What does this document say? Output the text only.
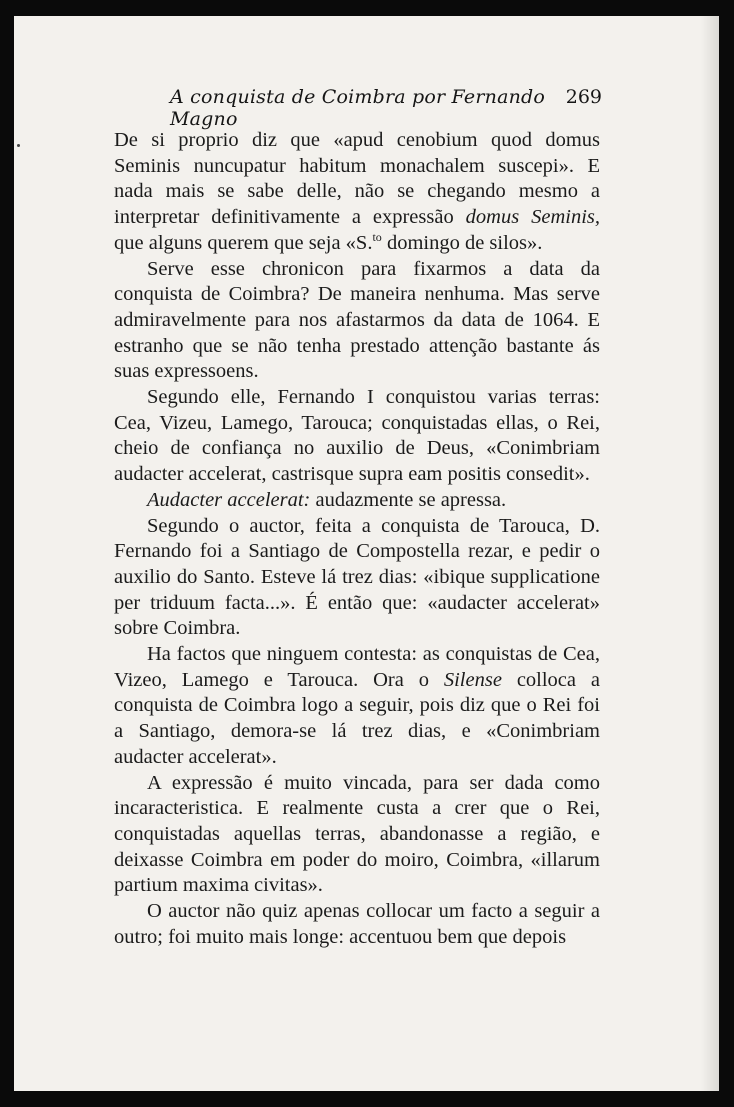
A conquista de Coimbra por Fernando Magno
269

De si proprio diz que «apud cenobium quod domus Seminis nuncupatur habitum monachalem suscepi». E nada mais se sabe delle, não se chegando mesmo a interpretar definitivamente a expressão domus Seminis, que alguns querem que seja «S.$^{to}$ domingo de silos».

Serve esse chronicon para fixarmos a data da conquista de Coimbra? De maneira nenhuma. Mas serve admiravelmente para nos afastarmos da data de 1064. E estranho que se não tenha prestado attenção bastante ás suas expressoens.

Segundo elle, Fernando I conquistou varias terras: Cea, Vizeu, Lamego, Tarouca; conquistadas ellas, o Rei, cheio de confiança no auxilio de Deus, «Conimbriam audacter accelerat, castrisque supra eam positis consedit».

Audacter accelerat: audazmente se apressa.

Segundo o auctor, feita a conquista de Tarouca, D. Fernando foi a Santiago de Compostella rezar, e pedir o auxilio do Santo. Esteve lá trez dias: «ibique supplicatione per triduum facta...». É então que: «audacter accelerat» sobre Coimbra.

Ha factos que ninguem contesta: as conquistas de Cea, Vizeo, Lamego e Tarouca. Ora o Silense colloca a conquista de Coimbra logo a seguir, pois diz que o Rei foi a Santiago, demora-se lá trez dias, e «Conimbriam audacter accelerat».

A expressão é muito vincada, para ser dada como incaracteristica. E realmente custa a crer que o Rei, conquistadas aquellas terras, abandonasse a região, e deixasse Coimbra em poder do moiro, Coimbra, «illarum partium maxima civitas».

O auctor não quiz apenas collocar um facto a seguir a outro; foi muito mais longe: accentuou bem que depois
